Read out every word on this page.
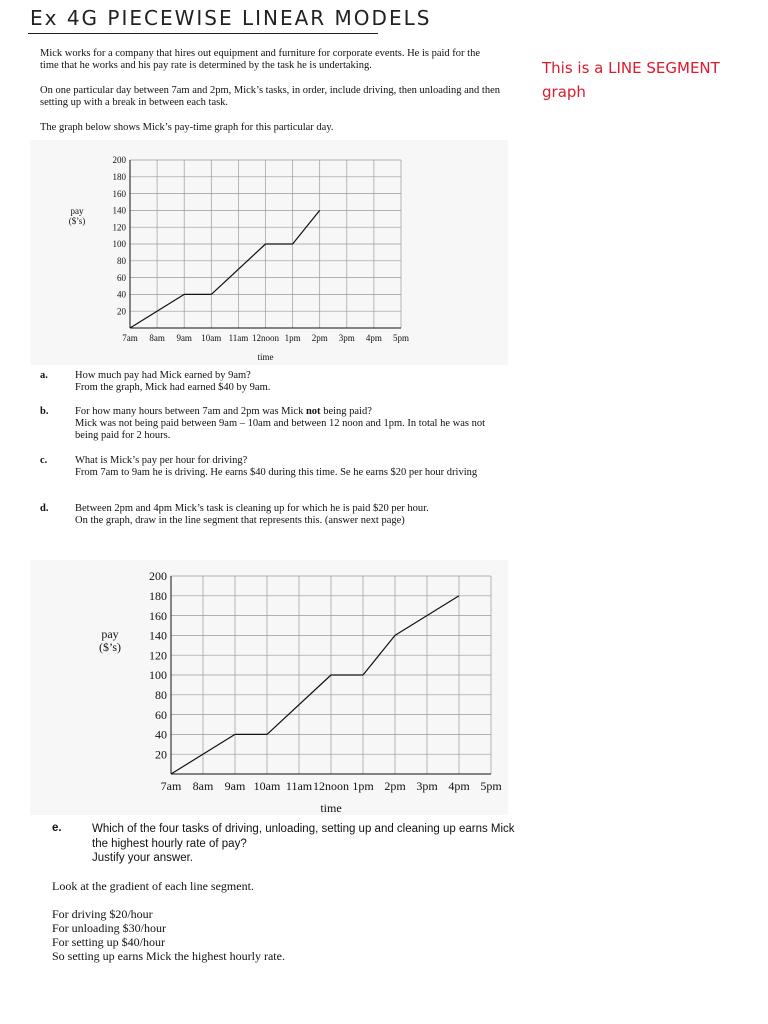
Ex 4G PIECEWISE LINEAR MODELS
This is a LINE SEGMENT graph
Mick works for a company that hires out equipment and furniture for corporate events. He is paid for the time that he works and his pay rate is determined by the task he is undertaking.
On one particular day between 7am and 2pm, Mick’s tasks, in order, include driving, then unloading and then setting up with a break in between each task.
The graph below shows Mick’s pay-time graph for this particular day.
20
40
60
80
100
120
140
160
180
200
7am 8am 9am 10am 11am 12noon 1pm 2pm 3pm 4pm 5pm
pay
($’s)
time
a.	How much pay had Mick earned by 9am?
From the graph, Mick had earned $40 by 9am.
b.	For how many hours between 7am and 2pm was Mick not being paid?
Mick was not being paid between 9am – 10am and between 12 noon and 1pm. In total he was not being paid for 2 hours.
c.	What is Mick’s pay per hour for driving?
From 7am to 9am he is driving. He earns $40 during this time. Se he earns $20 per hour driving
d.	Between 2pm and 4pm Mick’s task is cleaning up for which he is paid $20 per hour.
On the graph, draw in the line segment that represents this. (answer next page)
20
40
60
80
100
120
140
160
180
200
7am 8am 9am 10am 11am 12noon 1pm 2pm 3pm 4pm 5pm
pay
($’s)
time
e.	Which of the four tasks of driving, unloading, setting up and cleaning up earns Mick the highest hourly rate of pay?
Justify your answer.
Look at the gradient of each line segment.
For driving $20/hour
For unloading $30/hour
For setting up $40/hour
So setting up earns Mick the highest hourly rate.
